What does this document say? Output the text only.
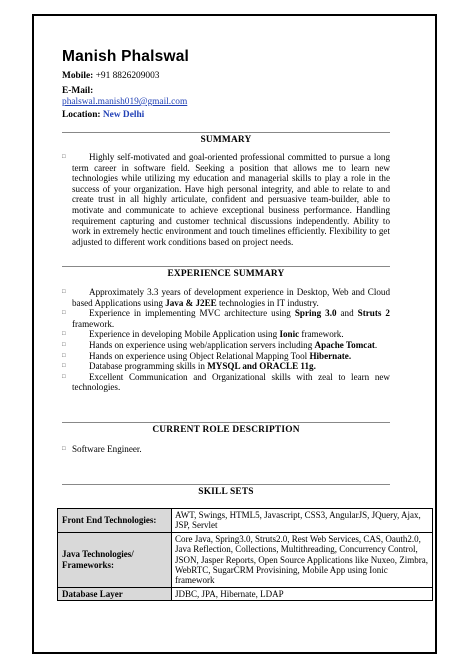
Manish Phalswal
Mobile: +91 8826209003
E-Mail:
phalswal.manish019@gmail.com
Location: New Delhi
SUMMARY
□	Highly self-motivated and goal-oriented professional committed to pursue a long term career in software field. Seeking a position that allows me to learn new technologies while utilizing my education and managerial skills to play a role in the success of your organization. Have high personal integrity, and able to relate to and create trust in all highly articulate, confident and persuasive team-builder, able to motivate and communicate to achieve exceptional business performance. Handling requirement capturing and customer technical discussions independently. Ability to work in extremely hectic environment and touch timelines efficiently. Flexibility to get adjusted to different work conditions based on project needs.
EXPERIENCE SUMMARY
□	Approximately 3.3 years of development experience in Desktop, Web and Cloud based Applications using Java & J2EE technologies in IT industry.
□	Experience in implementing MVC architecture using Spring 3.0 and Struts 2 framework.
□	Experience in developing Mobile Application using Ionic framework.
□	Hands on experience using web/application servers including Apache Tomcat.
□	Hands on experience using Object Relational Mapping Tool Hibernate.
□	Database programming skills in MYSQL and ORACLE 11g.
□	Excellent Communication and Organizational skills with zeal to learn new technologies.
CURRENT ROLE DESCRIPTION
□ Software Engineer.
SKILL SETS
Front End Technologies:	AWT, Swings, HTML5, Javascript, CSS3, AngularJS, JQuery, Ajax, JSP, Servlet
Java Technologies/ Frameworks:	Core Java, Spring3.0, Struts2.0, Rest Web Services, CAS, Oauth2.0, Java Reflection, Collections, Multithreading, Concurrency Control, JSON, Jasper Reports, Open Source Applications like Nuxeo, Zimbra, WebRTC, SugarCRM Provisining, Mobile App using Ionic framework
Database Layer	JDBC, JPA, Hibernate, LDAP
